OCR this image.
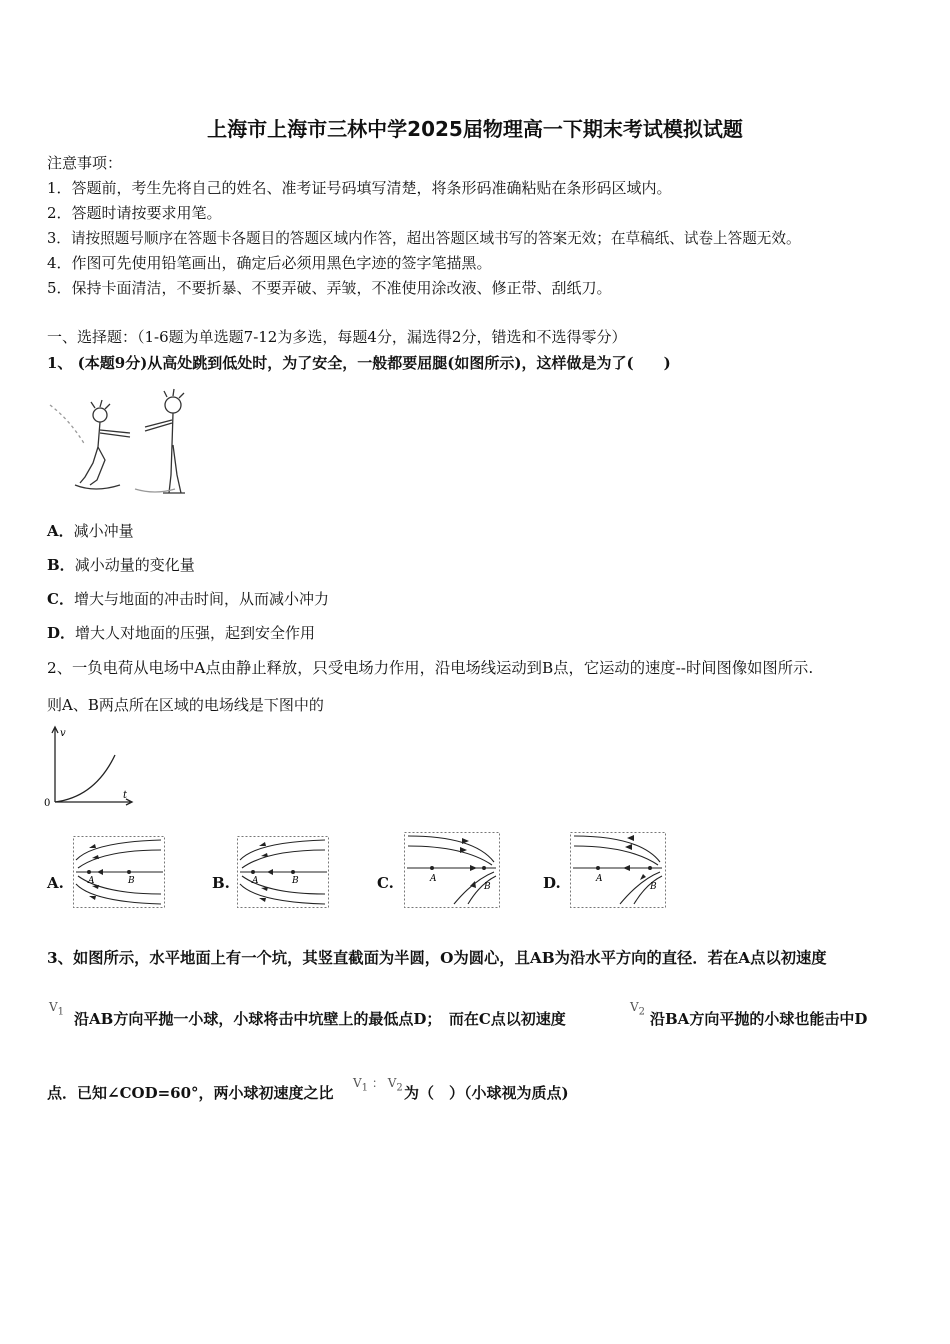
上海市上海市三林中学2025届物理高一下期末考试模拟试题
注意事项：
1．答题前，考生先将自己的姓名、准考证号码填写清楚，将条形码准确粘贴在条形码区域内。
2．答题时请按要求用笔。
3．请按照题号顺序在答题卡各题目的答题区域内作答，超出答题区域书写的答案无效；在草稿纸、试卷上答题无效。
4．作图可先使用铅笔画出，确定后必须用黑色字迹的签字笔描黑。
5．保持卡面清洁，不要折暴、不要弄破、弄皱，不准使用涂改液、修正带、刮纸刀。
一、选择题：（1-6题为单选题7-12为多选，每题4分，漏选得2分，错选和不选得零分）
1、 (本题9分)从高处跳到低处时，为了安全，一般都要屈腿(如图所示)，这样做是为了(　　)
A．减小冲量
B．减小动量的变化量
C．增大与地面的冲击时间，从而减小冲力
D．增大人对地面的压强，起到安全作用
2、一负电荷从电场中A点由静止释放，只受电场力作用，沿电场线运动到B点，它运动的速度--时间图像如图所示.
则A、B两点所在区域的电场线是下图中的
v
t
0
A.	A	B	B. A	B	C.	A
B	D.	A
B
3、如图所示，水平地面上有一个坑，其竖直截面为半圆，O为圆心，且AB为沿水平方向的直径．若在A点以初速度
$V_1$ 沿AB方向平抛一小球，小球将击中坑壁上的最低点D；　而在C点以初速度
$V_2$ 沿BA方向平抛的小球也能击中D
点．已知∠COD=60°，两小球初速度之比
$V_1$ ： $V_2$ 为（　）（小球视为质点)
